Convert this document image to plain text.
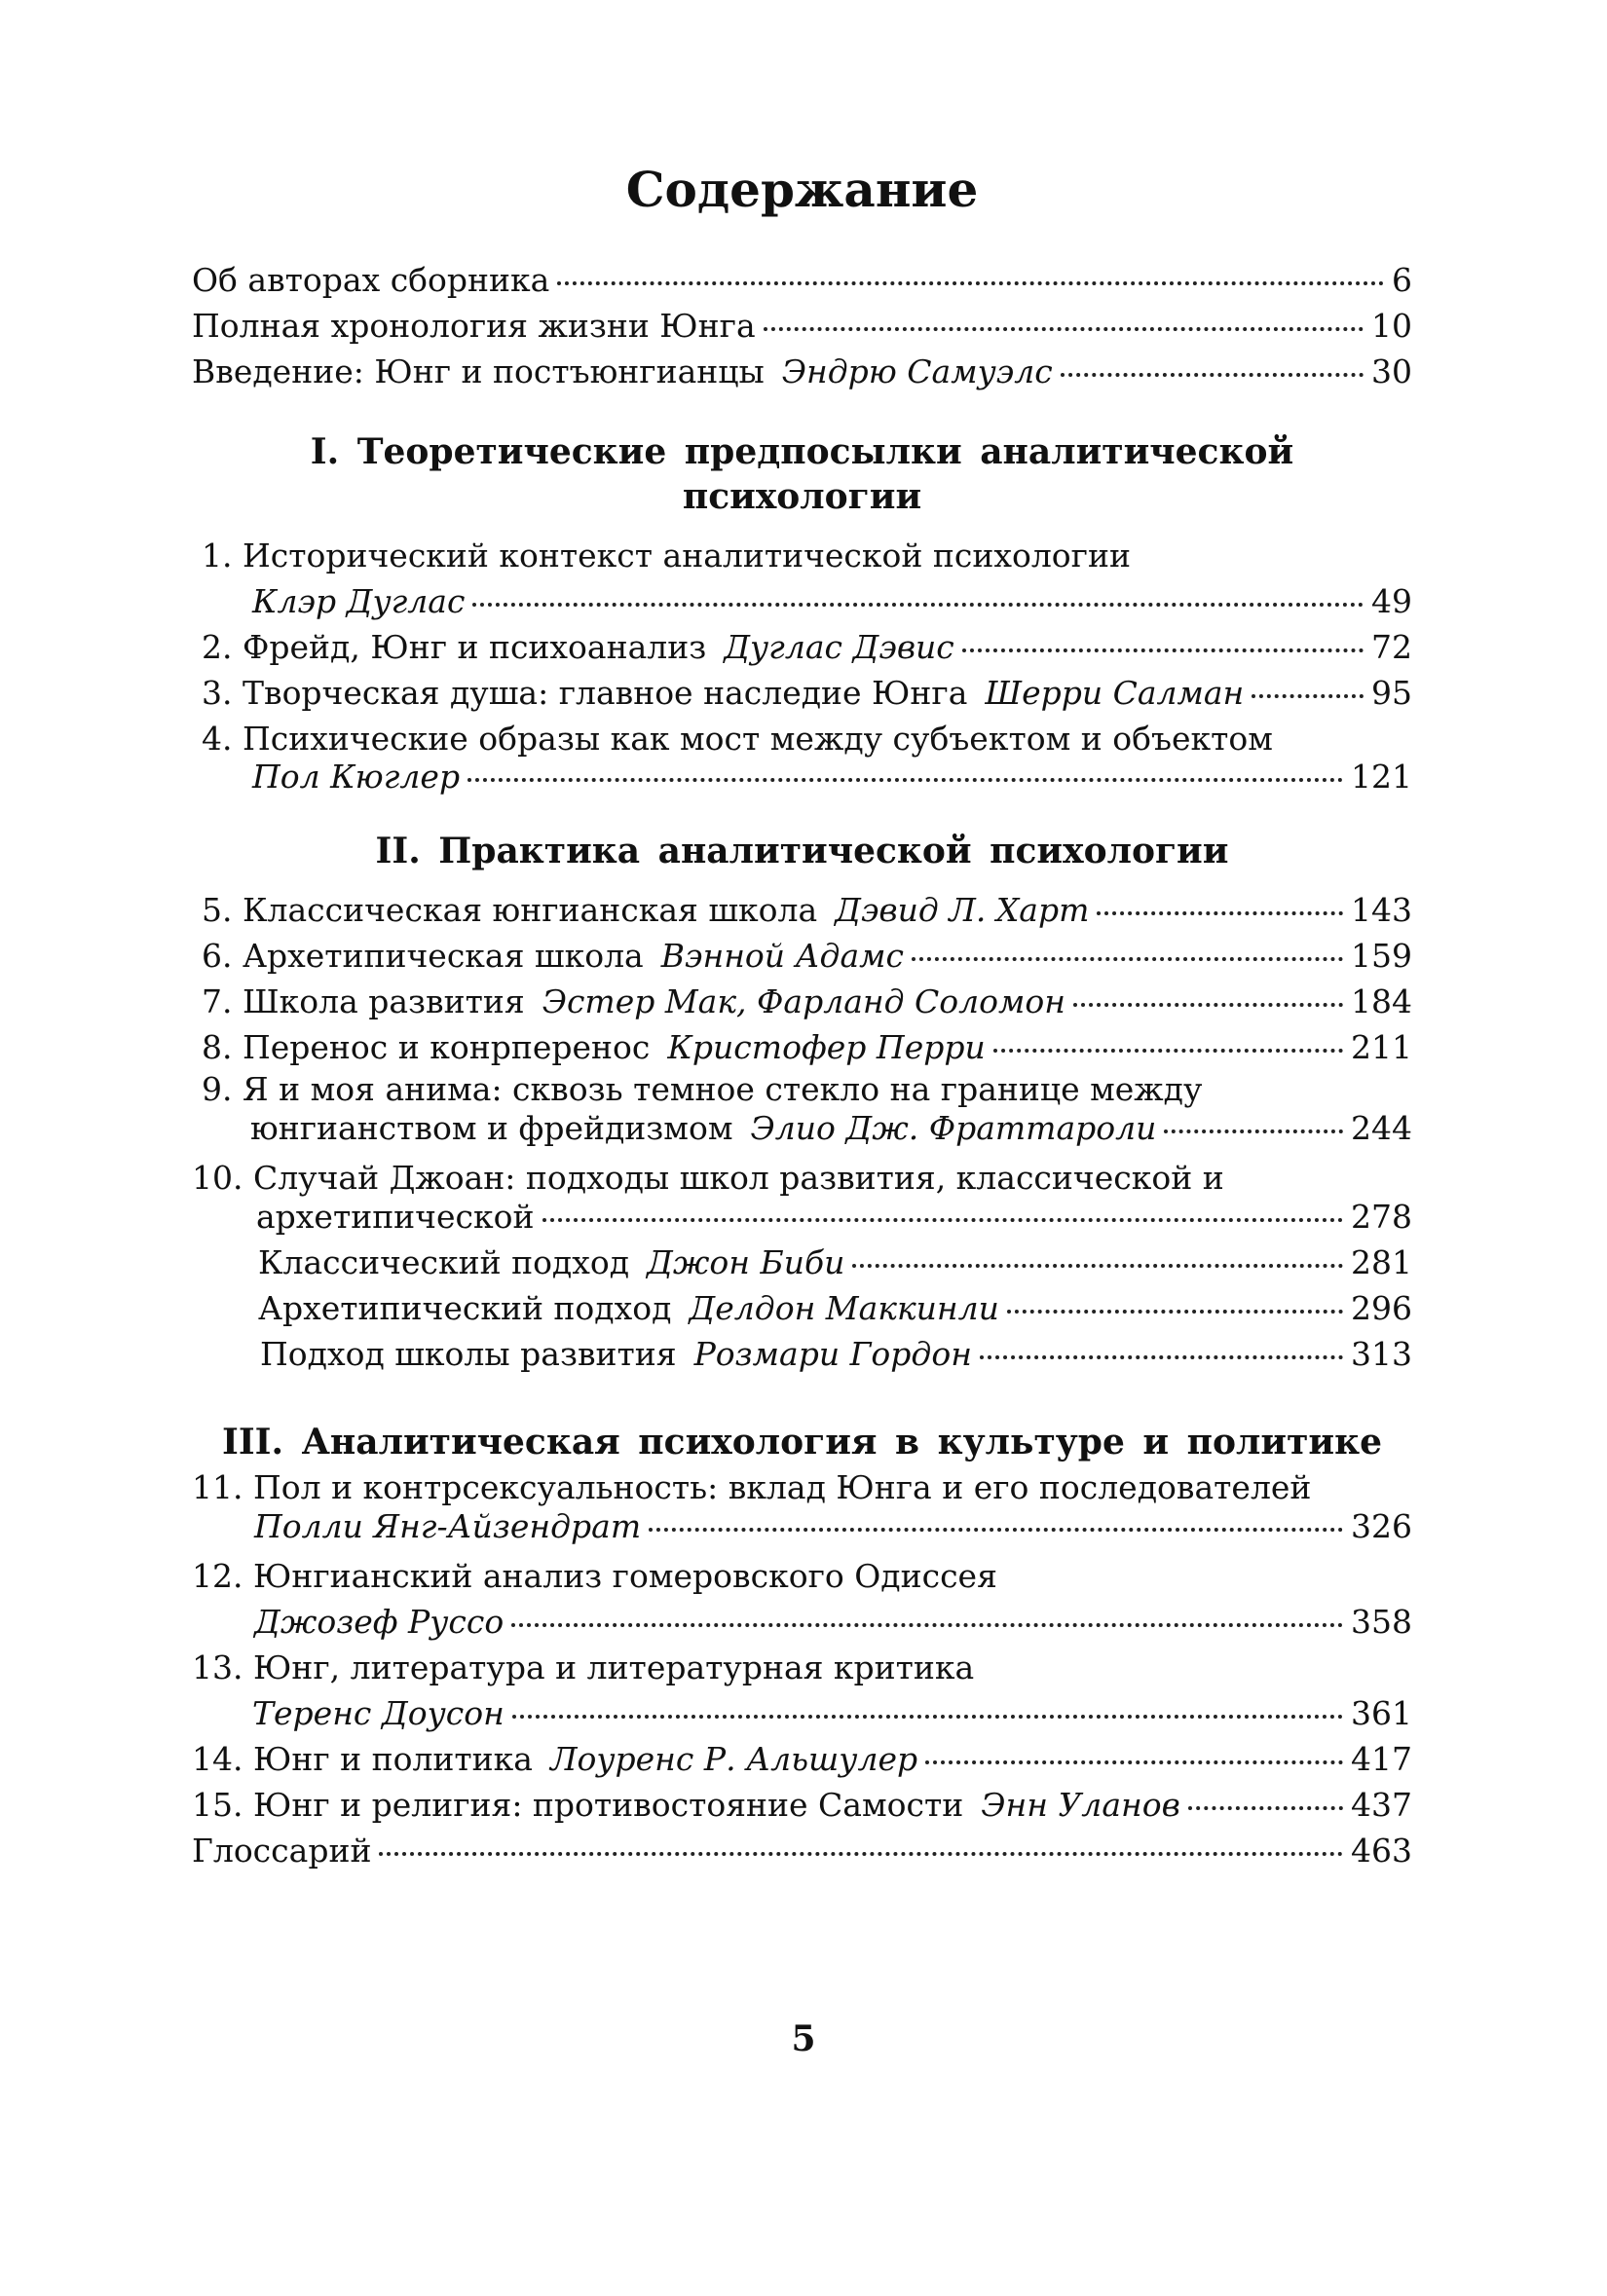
Содержание
Об авторах сборника	6
Полная хронология жизни Юнга	10
Введение: Юнг и постъюнгианцы Эндрю Самуэлс	30
I. Теоретические предпосылки аналитической
психологии
1. Исторический контекст аналитической психологии
Клэр Дуглас	49
2. Фрейд, Юнг и психоанализ Дуглас Дэвис	72
3. Творческая душа: главное наследие Юнга Шерри Салман	95
4. Психические образы как мост между субъектом и объектом
Пол Кюглер	121
II. Практика аналитической психологии
5. Классическая юнгианская школа Дэвид Л. Харт	143
6. Архетипическая школа Вэнной Адамс	159
7. Школа развития Эстер Мак, Фарланд Соломон	184
8. Перенос и конрперенос Кристофер Перри	211
9. Я и моя анима: сквозь темное стекло на границе между
юнгианством и фрейдизмом Элио Дж. Фраттароли	244
10. Случай Джоан: подходы школ развития, классической и
архетипической	278
Классический подход Джон Биби	281
Архетипический подход Делдон Маккинли	296
Подход школы развития Розмари Гордон	313
III. Аналитическая психология в культуре и политике
11. Пол и контрсексуальность: вклад Юнга и его последователей
Полли Янг-Айзендрат	326
12. Юнгианский анализ гомеровского Одиссея
Джозеф Руссо	358
13. Юнг, литература и литературная критика
Теренс Доусон	361
14. Юнг и политика Лоуренс Р. Альшулер	417
15. Юнг и религия: противостояние Самости Энн Уланов	437
Глоссарий	463
5
